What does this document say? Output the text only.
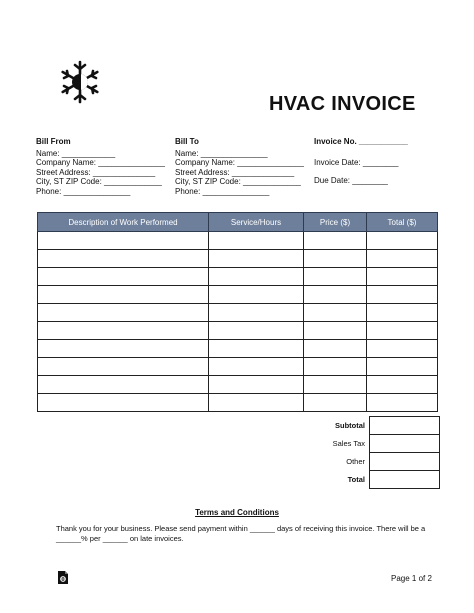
HVAC INVOICE
Bill From
Name: ____________
Company Name: _______________
Street Address: ______________
City, ST ZIP Code: _____________
Phone: _______________
Bill To
Name: _______________
Company Name: _______________
Street Address: ______________
City, ST ZIP Code: _____________
Phone: _______________
Invoice No. ___________
Invoice Date: ________
Due Date: ________
Description of Work Performed	Service/Hours	Price ($)	Total ($)

Subtotal	
Sales Tax	
Other	
Total	
Terms and Conditions
Thank you for your business. Please send payment within ______ days of receiving this invoice. There will be a ______% per ______ on late invoices.
Page 1 of 2
